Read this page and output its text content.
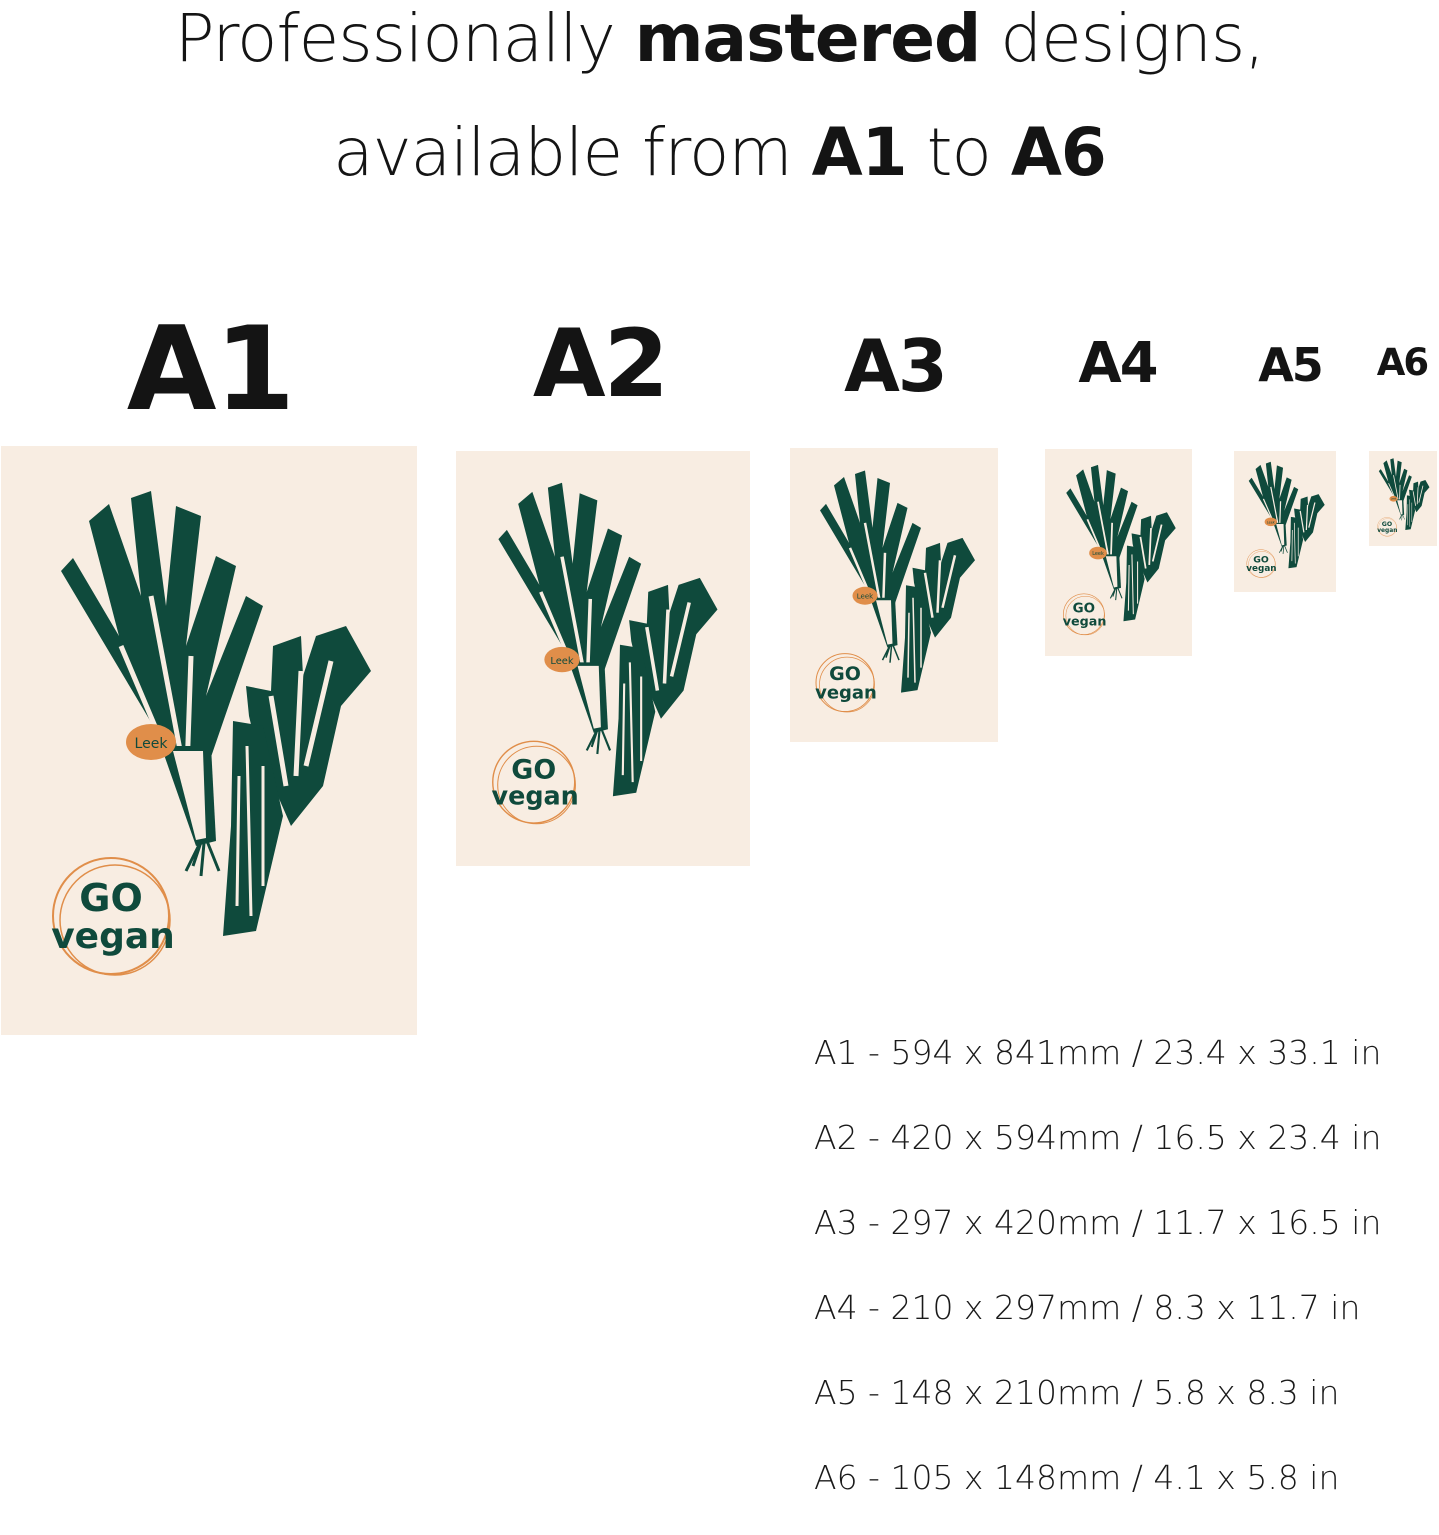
Professionally mastered designs,
available from A1 to A6
A1	A2 A3 A4 A5 A6
Leek
GO
vegan
Leek
GO
vegan
Leek
GO
vegan
Leek
GO
vegan
Leek
GO
vegan
Leek
GO
vegan
A1 - 594 x 841mm / 23.4 x 33.1 in
A2 - 420 x 594mm / 16.5 x 23.4 in
A3 - 297 x 420mm / 11.7 x 16.5 in
A4 - 210 x 297mm / 8.3 x 11.7 in
A5 - 148 x 210mm / 5.8 x 8.3 in
A6 - 105 x 148mm / 4.1 x 5.8 in
